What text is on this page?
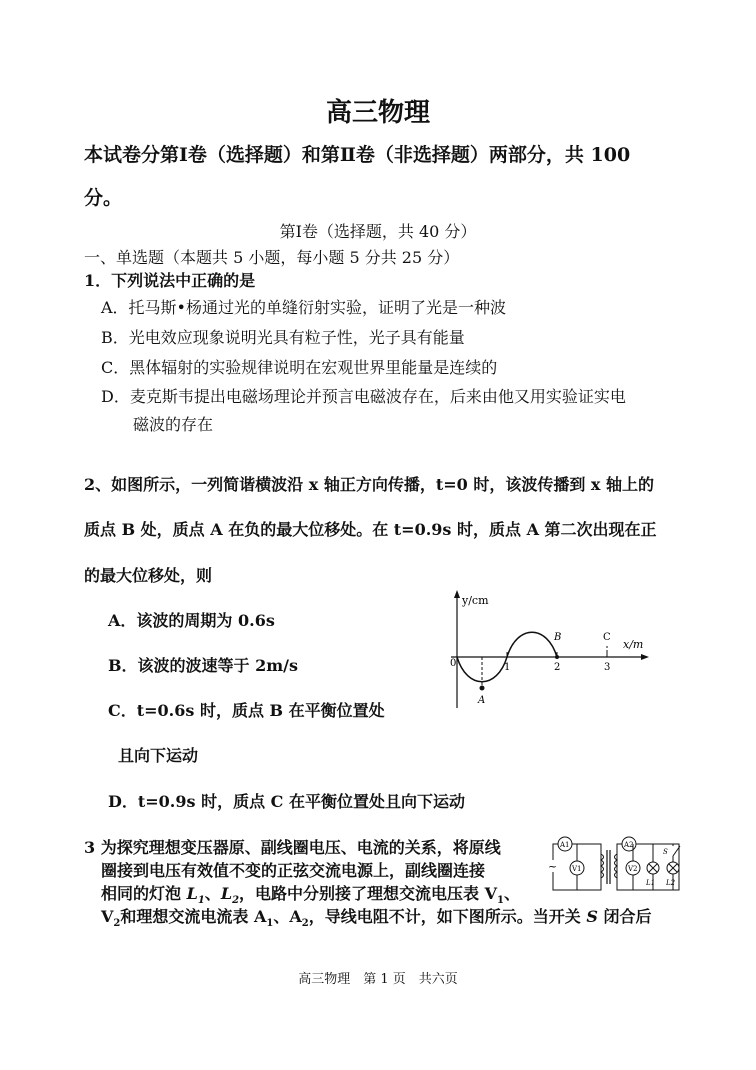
高三物理
本试卷分第Ⅰ卷（选择题）和第Ⅱ卷（非选择题）两部分，共 100
分。
第Ⅰ卷（选择题，共 40 分）
一、单选题（本题共 5 小题，每小题 5 分共 25 分）
1．下列说法中正确的是
A．托马斯•杨通过光的单缝衍射实验，证明了光是一种波
B．光电效应现象说明光具有粒子性，光子具有能量
C．黑体辐射的实验规律说明在宏观世界里能量是连续的
D．麦克斯韦提出电磁场理论并预言电磁波存在，后来由他又用实验证实电
磁波的存在
2、如图所示，一列简谐横波沿 x 轴正方向传播，t=0 时，该波传播到 x 轴上的
质点 B 处，质点 A 在负的最大位移处。在 t=0.9s 时，质点 A 第二次出现在正
的最大位移处，则
A．该波的周期为 0.6s
B．该波的波速等于 2m/s
C．t=0.6s 时，质点 B 在平衡位置处
且向下运动
D．t=0.9s 时，质点 C 在平衡位置处且向下运动
y/cm
x/m
0	1	2	3
A
B	C
3 为探究理想变压器原、副线圈电压、电流的关系，将原线
圈接到电压有效值不变的正弦交流电源上，副线圈连接
相同的灯泡 $L_1$、$L_2$，电路中分别接了理想交流电压表 $V_1$、
$V_2$和理想交流电流表 $A_1$、$A_2$，导线电阻不计，如下图所示。当开关 S 闭合后
~
A1
V1
A2
V2
L1
S
L2
高三物理　第 1 页　共六页
